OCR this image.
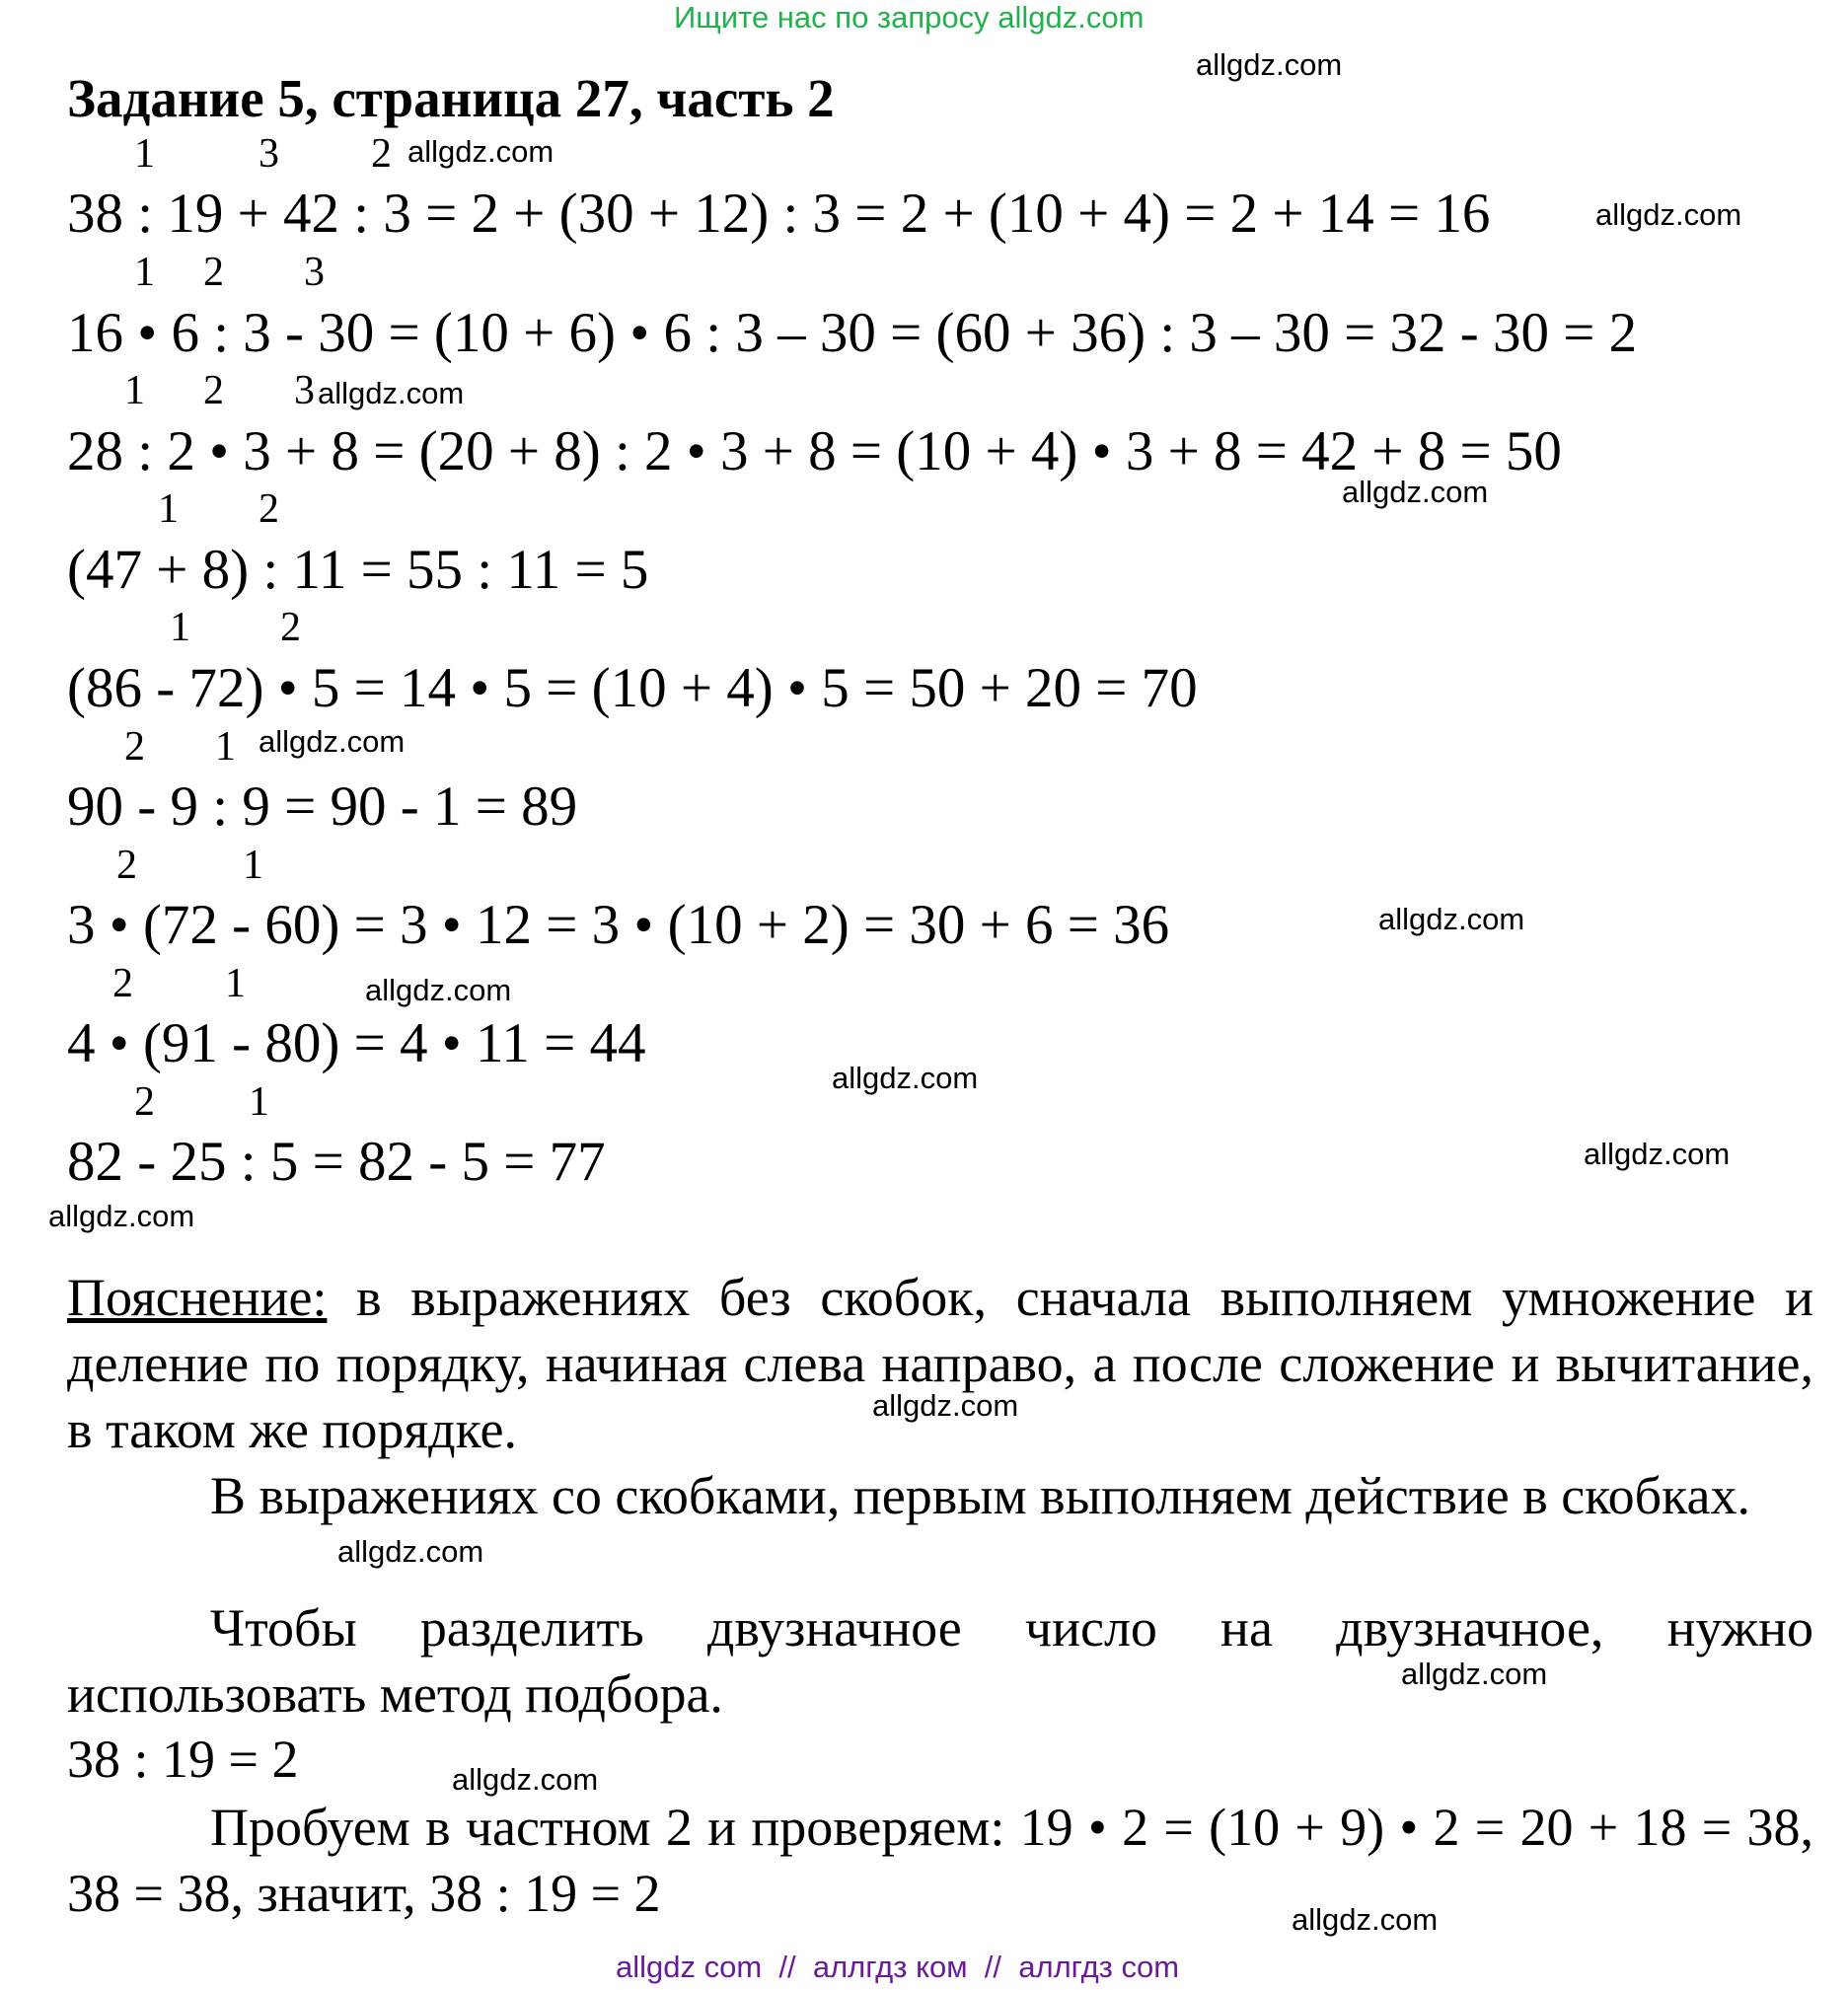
Ищите нас по запросу allgdz.com
Задание 5, страница 27, часть 2
1	3 2
38 : 19 + 42 : 3 = 2 + (30 + 12) : 3 = 2 + (10 + 4) = 2 + 14 = 16
1 2 3
16 • 6 : 3 - 30 = (10 + 6) • 6 : 3 – 30 = (60 + 36) : 3 – 30 = 32 - 30 = 2
1 2 3
28 : 2 • 3 + 8 = (20 + 8) : 2 • 3 + 8 = (10 + 4) • 3 + 8 = 42 + 8 = 50
1 2
(47 + 8) : 11 = 55 : 11 = 5
1 2
(86 - 72) • 5 = 14 • 5 = (10 + 4) • 5 = 50 + 20 = 70
2 1
90 - 9 : 9 = 90 - 1 = 89
2	1
3 • (72 - 60) = 3 • 12 = 3 • (10 + 2) = 30 + 6 = 36
2 1
4 • (91 - 80) = 4 • 11 = 44
2 1
82 - 25 : 5 = 82 - 5 = 77

Пояснение: в выражениях без скобок, сначала выполняем умножение и деление по порядку, начиная слева направо, а после сложение и вычитание, в таком же порядке.

В выражениях со скобками, первым выполняем действие в скобках.

Чтобы разделить двузначное число на двузначное, нужно использовать метод подбора.

38 : 19 = 2

Пробуем в частном 2 и проверяем: 19 • 2 = (10 + 9) • 2 = 20 + 18 = 38, 38 = 38, значит, 38 : 19 = 2

allgdz.com
allgdz.com
allgdz.com
allgdz.com
allgdz.com
allgdz.com
allgdz.com
allgdz.com
allgdz.com
allgdz.com
allgdz.com
allgdz.com
allgdz.com
allgdz.com
allgdz.com
allgdz.com
allgdz com  //  аллгдз ком  //  аллгдз com
